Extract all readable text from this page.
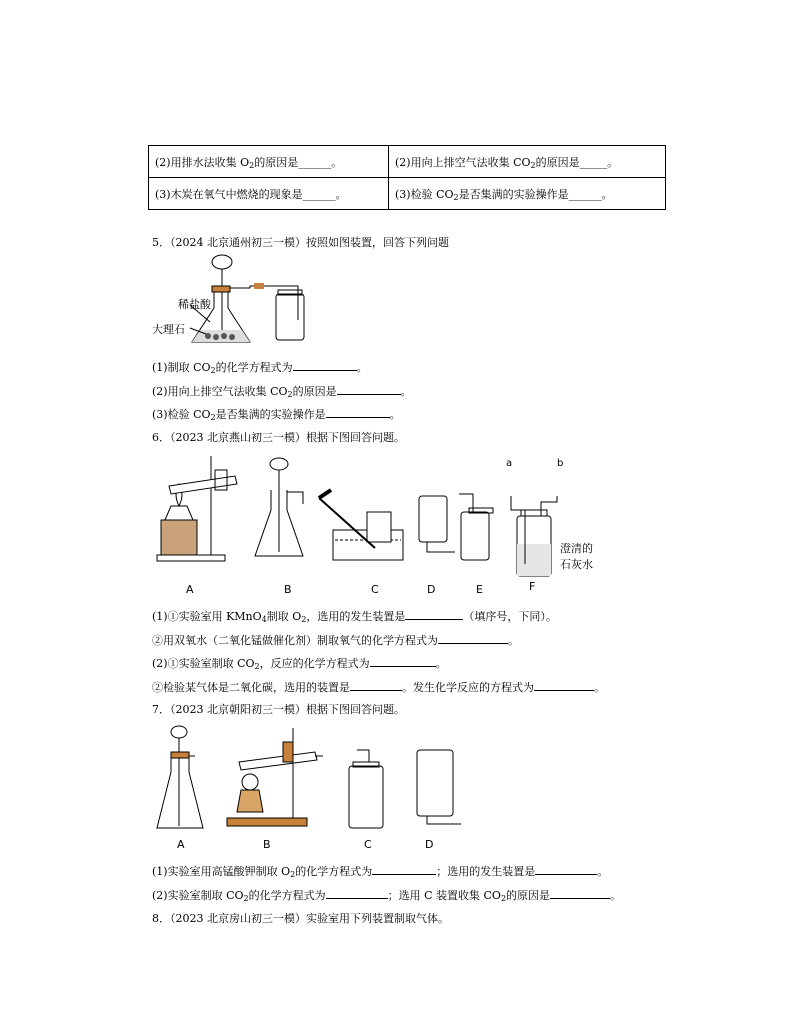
(2)用排水法收集 $O_2$的原因是______。	(2)用向上排空气法收集 $CO_2$的原因是_____。
(3)木炭在氧气中燃烧的现象是______。	(3)检验 $CO_2$是否集满的实验操作是______。
5．（2024 北京通州初三一模）按照如图装置，回答下列问题
稀盐酸
大理石
(1)制取 $CO_2$的化学方程式为	。
(2)用向上排空气法收集 $CO_2$的原因是	。
(3)检验 $CO_2$是否集满的实验操作是	。
6．（2023 北京燕山初三一模）根据下图回答问题。
a	b
澄清的
石灰水
A	B	C	D	E	F
(1)①实验室用 KMnO$_4$制取 $O_2$，选用的发生装置是	（填序号，下同）。
②用双氧水（二氧化锰做催化剂）制取氧气的化学方程式为	。
(2)①实验室制取 $CO_2$，反应的化学方程式为	。
②检验某气体是二氧化碳，选用的装置是	。发生化学反应的方程式为	。
7．（2023 北京朝阳初三一模）根据下图回答问题。
A	B	C	D
(1)实验室用高锰酸钾制取 $O_2$的化学方程式为	；选用的发生装置是	。
(2)实验室制取 $CO_2$的化学方程式为	；选用 C 装置收集 $CO_2$的原因是	。
8．（2023 北京房山初三一模）实验室用下列装置制取气体。
